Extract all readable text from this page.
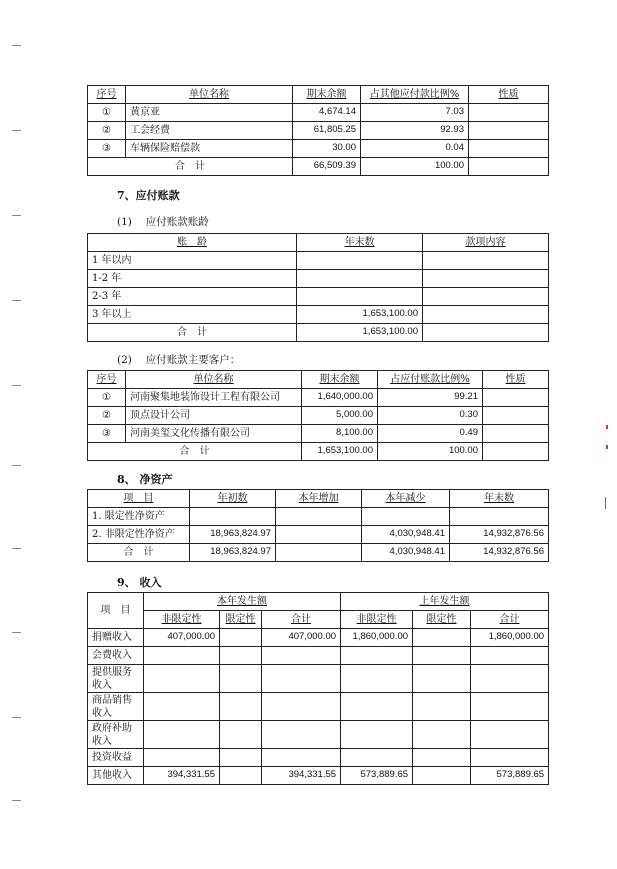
序号	单位名称	期末余额	占其他应付款比例%	性质
①	黄京亚	4,674.14	7.03	
②	工会经费	61,805.25	92.93	
③	车辆保险赔偿款	30.00	0.04	
合　计		66,509.39	100.00	
7、应付账款
(1)　 应付账款账龄
账　龄	年末数	款项内容
1 年以内		
1-2 年		
2-3 年		
3 年以上	1,653,100.00	
合　计	1,653,100.00	
(2)　 应付账款主要客户：
序号	单位名称	期末余额	占应付账款比例%	性质
①	河南聚集地装饰设计工程有限公司	1,640,000.00	99.21	
②	顶点设计公司	5,000.00	0.30	
③	河南美玺文化传播有限公司	8,100.00	0.49	
合　计		1,653,100.00	100.00	
8、 净资产
项　目	年初数	本年增加	本年减少	年末数
1. 限定性净资产				
2. 非限定性净资产	18,963,824.97		4,030,948.41	14,932,876.56
合　计	18,963,824.97		4,030,948.41	14,932,876.56
9、 收入
项　目	本年发生额			上年发生额		
	非限定性	限定性	合计	非限定性	限定性	合计
捐赠收入	407,000.00		407,000.00	1,860,000.00		1,860,000.00
会费收入						
提供服务收入						
商品销售收入						
政府补助收入						
投资收益						
其他收入	394,331.55		394,331.55	573,889.65		573,889.65
